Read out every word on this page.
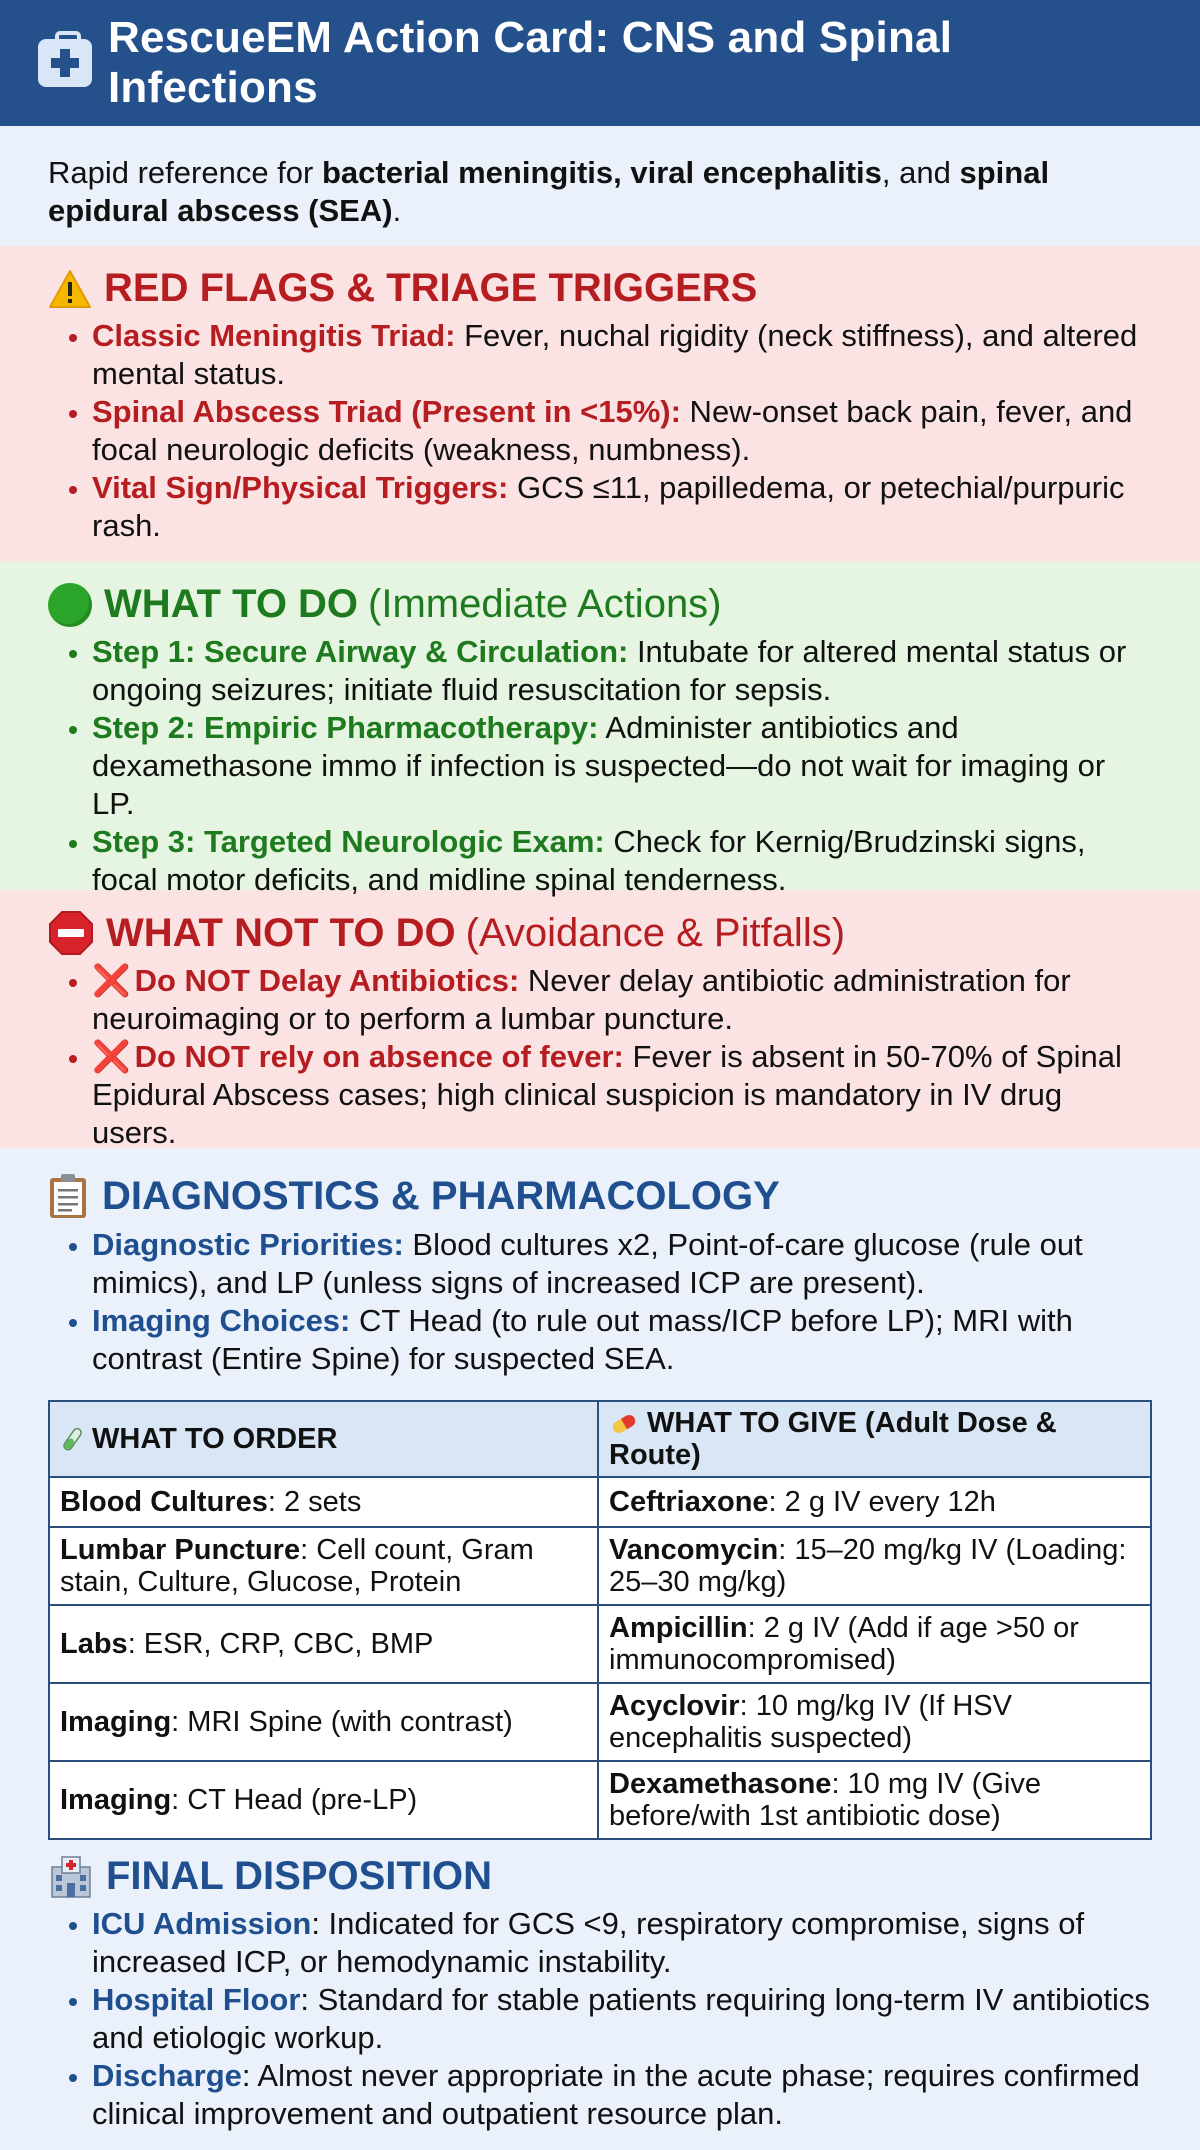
RescueEM Action Card: CNS and Spinal Infections
Rapid reference for bacterial meningitis, viral encephalitis, and spinal epidural abscess (SEA).
RED FLAGS & TRIAGE TRIGGERS
• Classic Meningitis Triad: Fever, nuchal rigidity (neck stiffness), and altered mental status.
• Spinal Abscess Triad (Present in <15%): New-onset back pain, fever, and focal neurologic deficits (weakness, numbness).
• Vital Sign/Physical Triggers: GCS ≤11, papilledema, or petechial/purpuric rash.
WHAT TO DO (Immediate Actions)
• Step 1: Secure Airway & Circulation: Intubate for altered mental status or ongoing seizures; initiate fluid resuscitation for sepsis.
• Step 2: Empiric Pharmacotherapy: Administer antibiotics and dexamethasone immo if infection is suspected—do not wait for imaging or LP.
• Step 3: Targeted Neurologic Exam: Check for Kernig/Brudzinski signs, focal motor deficits, and midline spinal tenderness.
WHAT NOT TO DO (Avoidance & Pitfalls)
• ❌ Do NOT Delay Antibiotics: Never delay antibiotic administration for neuroimaging or to perform a lumbar puncture.
• ❌ Do NOT rely on absence of fever: Fever is absent in 50-70% of Spinal Epidural Abscess cases; high clinical suspicion is mandatory in IV drug users.
DIAGNOSTICS & PHARMACOLOGY
• Diagnostic Priorities: Blood cultures x2, Point-of-care glucose (rule out mimics), and LP (unless signs of increased ICP are present).
• Imaging Choices: CT Head (to rule out mass/ICP before LP); MRI with contrast (Entire Spine) for suspected SEA.
WHAT TO ORDER	WHAT TO GIVE (Adult Dose & Route)
Blood Cultures: 2 sets	Ceftriaxone: 2 g IV every 12h
Lumbar Puncture: Cell count, Gram stain, Culture, Glucose, Protein	Vancomycin: 15–20 mg/kg IV (Loading: 25–30 mg/kg)
Labs: ESR, CRP, CBC, BMP	Ampicillin: 2 g IV (Add if age >50 or immunocompromised)
Imaging: MRI Spine (with contrast)	Acyclovir: 10 mg/kg IV (If HSV encephalitis suspected)
Imaging: CT Head (pre-LP)	Dexamethasone: 10 mg IV (Give before/with 1st antibiotic dose)
FINAL DISPOSITION
• ICU Admission: Indicated for GCS <9, respiratory compromise, signs of increased ICP, or hemodynamic instability.
• Hospital Floor: Standard for stable patients requiring long-term IV antibiotics and etiologic workup.
• Discharge: Almost never appropriate in the acute phase; requires confirmed clinical improvement and outpatient resource plan.
